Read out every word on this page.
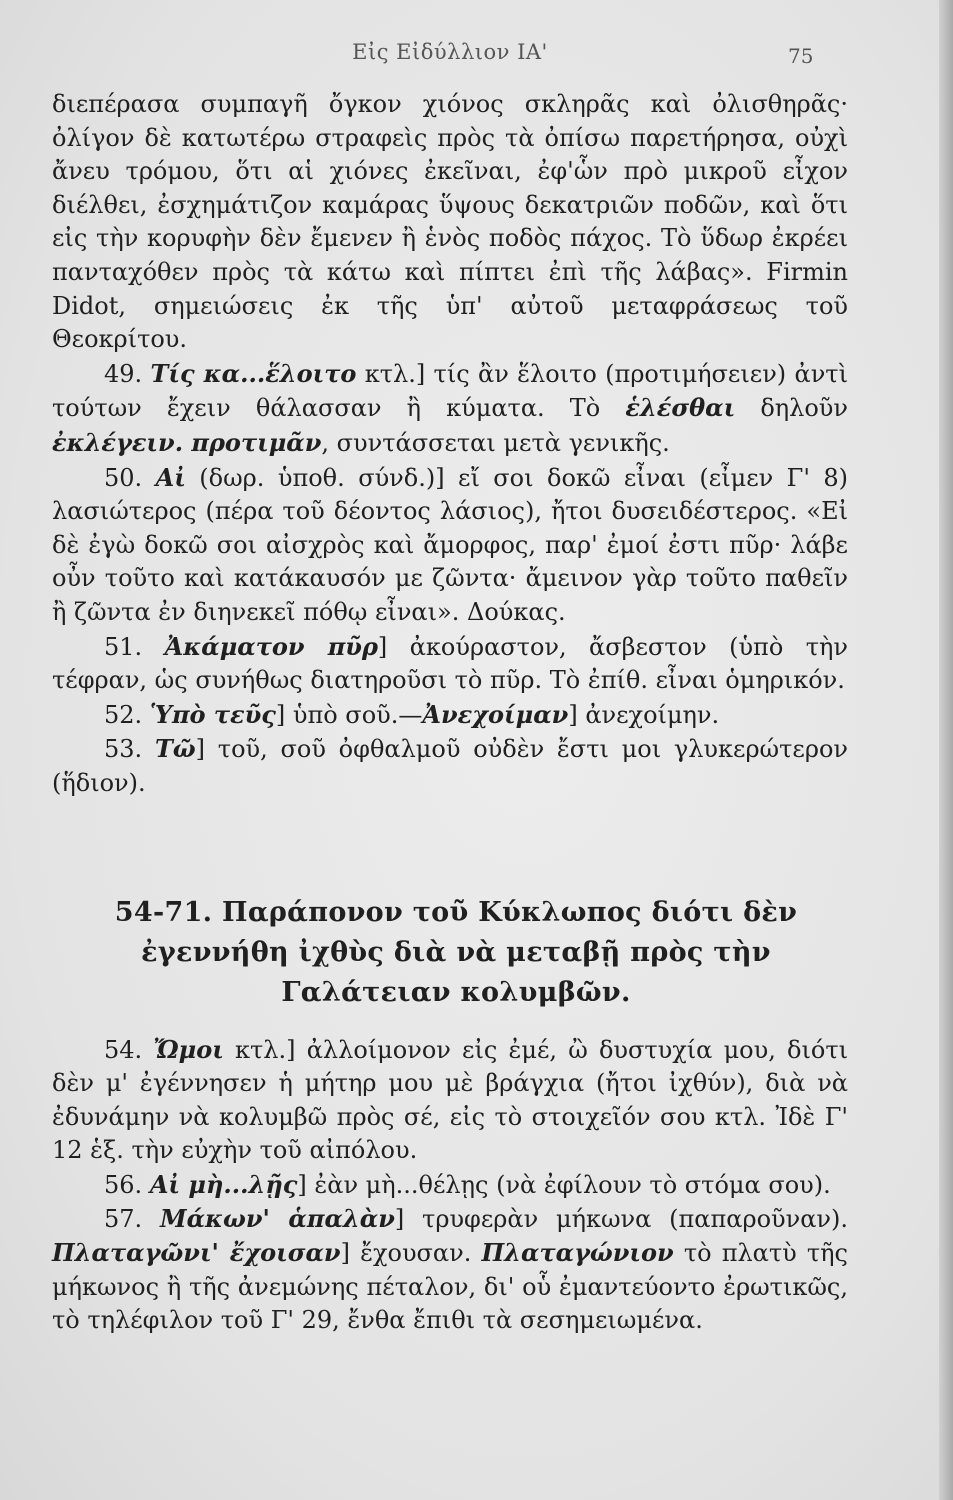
Εἰς Εἰδύλλιον ΙΑ'	75

διεπέρασα συμπαγῆ ὄγκον χιόνος σκληρᾶς καὶ ὀλισθηρᾶς· ὀλίγον δὲ κατωτέρω στραφεὶς πρὸς τὰ ὀπίσω παρετήρησα, οὐχὶ ἄνευ τρόμου, ὅτι αἱ χιόνες ἐκεῖναι, ἐφ'ὧν πρὸ μικροῦ εἶχον διέλθει, ἐσχημάτιζον καμάρας ὕψους δεκατριῶν ποδῶν, καὶ ὅτι εἰς τὴν κορυφὴν δὲν ἔμενεν ἢ ἑνὸς ποδὸς πάχος. Τὸ ὕδωρ ἐκρέει πανταχόθεν πρὸς τὰ κάτω καὶ πίπτει ἐπὶ τῆς λάβας». Firmin Didot, σημειώσεις ἐκ τῆς ὑπ' αὐτοῦ μεταφράσεως τοῦ Θεοκρίτου.

49. Τίς κα...ἕλοιτο κτλ.] τίς ἂν ἕλοιτο (προτιμήσειεν) ἀντὶ τούτων ἔχειν θάλασσαν ἢ κύματα. Τὸ ἑλέσθαι δηλοῦν ἐκλέγειν. προτιμᾶν, συντάσσεται μετὰ γενικῆς.

50. Αἰ (δωρ. ὑποθ. σύνδ.)] εἴ σοι δοκῶ εἶναι (εἶμεν Γ' 8) λασιώτερος (πέρα τοῦ δέοντος λάσιος), ἤτοι δυσειδέστερος. «Εἰ δὲ ἐγὼ δοκῶ σοι αἰσχρὸς καὶ ἄμορφος, παρ' ἐμοί ἐστι πῦρ· λάβε οὖν τοῦτο καὶ κατάκαυσόν με ζῶντα· ἄμεινον γὰρ τοῦτο παθεῖν ἢ ζῶντα ἐν διηνεκεῖ πόθῳ εἶναι». Δούκας.

51. Ἀκάματον πῦρ] ἀκούραστον, ἄσβεστον (ὑπὸ τὴν τέφραν, ὡς συνήθως διατηροῦσι τὸ πῦρ. Τὸ ἐπίθ. εἶναι ὁμηρικόν.

52. Ὑπὸ τεῦς] ὑπὸ σοῦ.—Ἀνεχοίμαν] ἀνεχοίμην.

53. Τῶ] τοῦ, σοῦ ὀφθαλμοῦ οὐδὲν ἔστι μοι γλυκερώτερον (ἥδιον).

54-71. Παράπονον τοῦ Κύκλωπος διότι δὲν ἐγεννήθη ἰχθὺς διὰ νὰ μεταβῇ πρὸς τὴν Γαλάτειαν κολυμβῶν.

54. Ὤμοι κτλ.] ἀλλοίμονον εἰς ἐμέ, ὢ δυστυχία μου, διότι δὲν μ' ἐγέννησεν ἡ μήτηρ μου μὲ βράγχια (ἤτοι ἰχθύν), διὰ νὰ ἐδυνάμην νὰ κολυμβῶ πρὸς σέ, εἰς τὸ στοιχεῖόν σου κτλ. Ἰδὲ Γ' 12 ἑξ. τὴν εὐχὴν τοῦ αἰπόλου.

56. Αἰ μὴ...λῇς] ἐὰν μὴ...θέλῃς (νὰ ἐφίλουν τὸ στόμα σου).

57. Μάκων' ἁπαλὰν] τρυφερὰν μήκωνα (παπαροῦναν). Πλαταγῶνι' ἔχοισαν] ἔχουσαν. Πλαταγώνιον τὸ πλατὺ τῆς μήκωνος ἢ τῆς ἀνεμώνης πέταλον, δι' οὗ ἐμαντεύοντο ἐρωτικῶς, τὸ τηλέφιλον τοῦ Γ' 29, ἔνθα ἔπιθι τὰ σεσημειωμένα.
